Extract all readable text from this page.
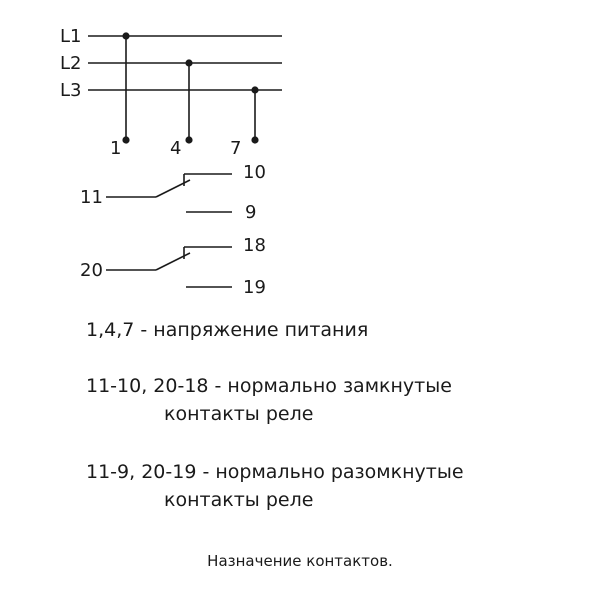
L1
L2
L3
1	4	7
11
10
9
20
18
19
1,4,7 - напряжение питания
11-10, 20-18 - нормально замкнутые
контакты реле
11-9, 20-19 - нормально разомкнутые
контакты реле
Назначение контактов.
